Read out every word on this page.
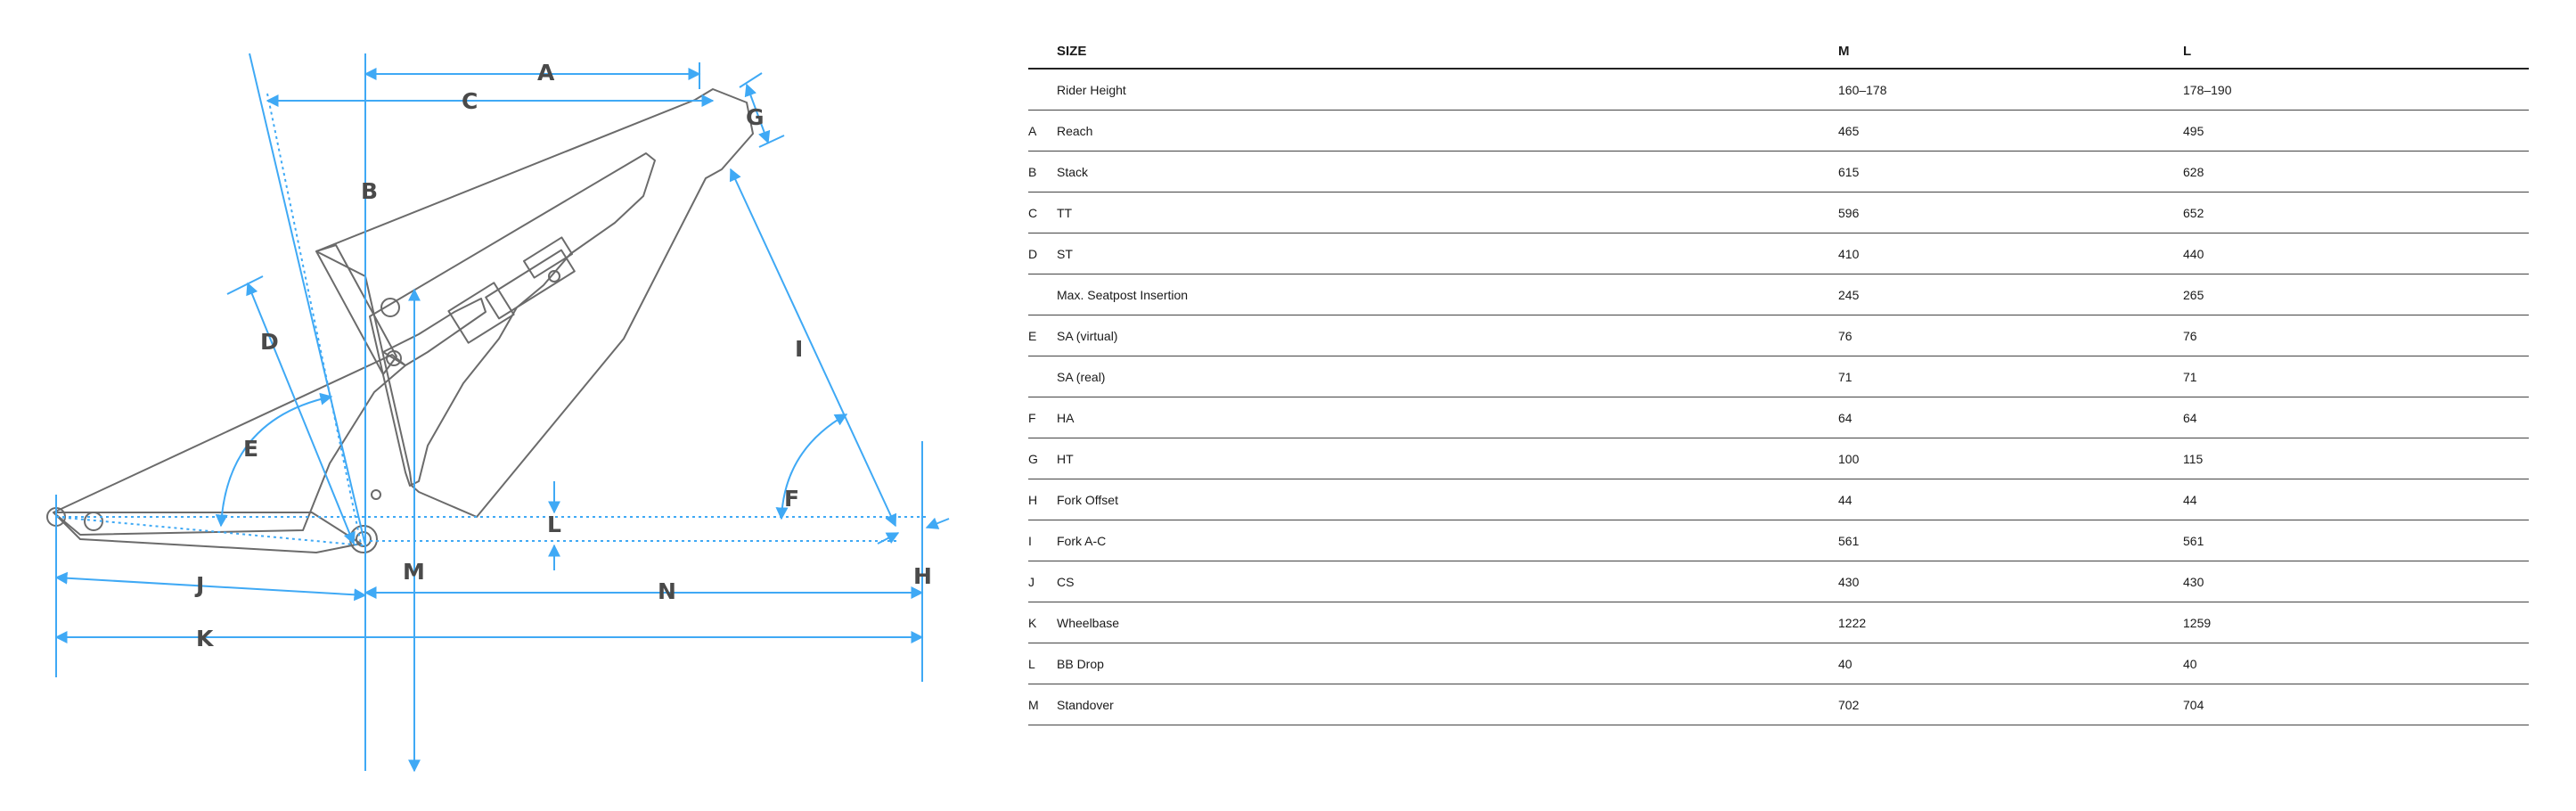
A
B
C
D
E
F
G
H
I
J
K
L
M
N
	SIZE	M	L
	Rider Height	160–178	178–190
A	Reach	465	495
B	Stack	615	628
C	TT	596	652
D	ST	410	440
	Max. Seatpost Insertion	245	265
E	SA (virtual)	76	76
	SA (real)	71	71
F	HA	64	64
G	HT	100	115
H	Fork Offset	44	44
I	Fork A-C	561	561
J	CS	430	430
K	Wheelbase	1222	1259
L	BB Drop	40	40
M	Standover	702	704
